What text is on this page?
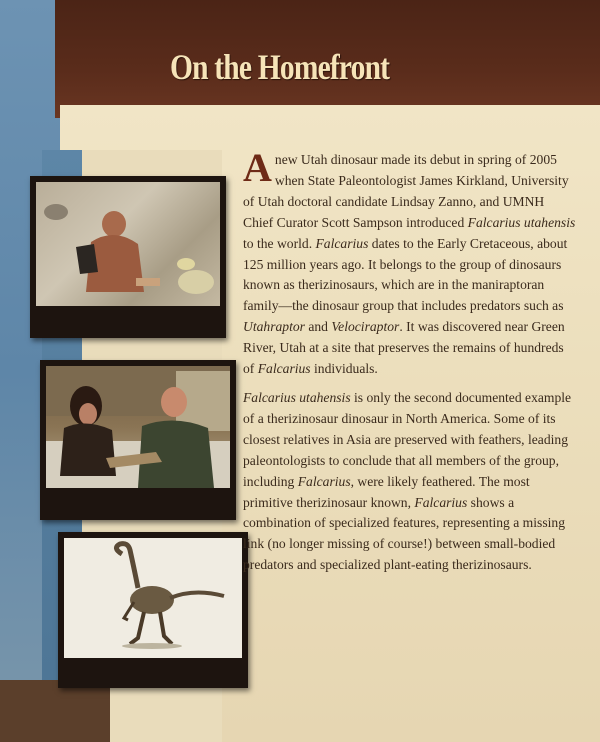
On the Homefront

A new Utah dinosaur made its debut in spring of 2005 when State Paleontologist James Kirkland, University of Utah doctoral candidate Lindsay Zanno, and UMNH Chief Curator Scott Sampson introduced Falcarius utahensis to the world. Falcarius dates to the Early Cretaceous, about 125 million years ago. It belongs to the group of dinosaurs known as therizinosaurs, which are in the maniraptoran family—the dinosaur group that includes predators such as Utahraptor and Velociraptor. It was discovered near Green River, Utah at a site that preserves the remains of hundreds of Falcarius individuals.

Falcarius utahensis is only the second documented example of a therizinosaur dinosaur in North America. Some of its closest relatives in Asia are preserved with feathers, leading paleontologists to conclude that all members of the group, including Falcarius, were likely feathered. The most primitive therizinosaur known, Falcarius shows a combination of specialized features, representing a missing link (no longer missing of course!) between small-bodied predators and specialized plant-eating therizinosaurs.
